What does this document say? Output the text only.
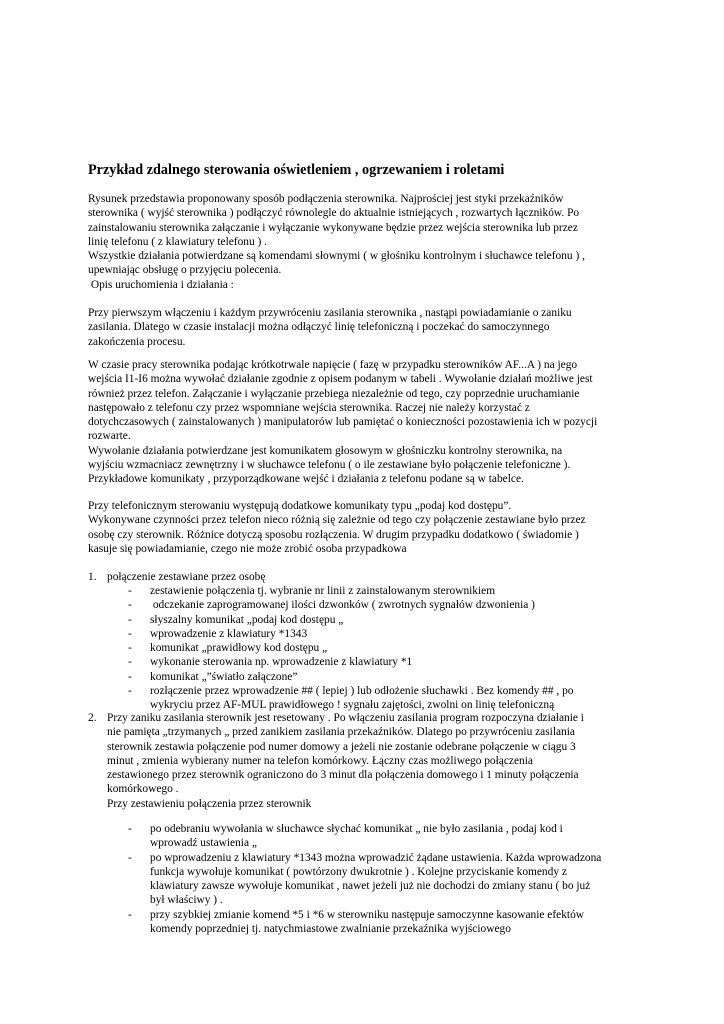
Przykład zdalnego sterowania oświetleniem , ogrzewaniem i roletami
Rysunek przedstawia proponowany sposób podłączenia sterownika. Najprościej jest styki przekaźników
sterownika ( wyjść sterownika ) podłączyć równolegle do aktualnie istniejących , rozwartych łączników. Po
zainstalowaniu sterownika załączanie i wyłączanie wykonywane będzie przez wejścia sterownika lub przez
linię telefonu ( z klawiatury telefonu ) .
Wszystkie działania potwierdzane są komendami słownymi ( w głośniku kontrolnym i słuchawce telefonu ) ,
upewniając obsługę o przyjęciu polecenia.
Opis uruchomienia i działania :
Przy pierwszym włączeniu i każdym przywróceniu zasilania sterownika , nastąpi powiadamianie o zaniku
zasilania. Dlatego w czasie instalacji można odłączyć linię telefoniczną i poczekać do samoczynnego
zakończenia procesu.
W czasie pracy sterownika podając krótkotrwale napięcie ( fazę w przypadku sterowników AF...A ) na jego
wejścia I1-I6 można wywołać działanie zgodnie z opisem podanym w tabeli . Wywołanie działań możliwe jest
również przez telefon. Załączanie i wyłączanie przebiega niezależnie od tego, czy poprzednie uruchamianie
następowało z telefonu czy przez wspomniane wejścia sterownika. Raczej nie należy korzystać z
dotychczasowych ( zainstalowanych ) manipulatorów lub pamiętać o konieczności pozostawienia ich w pozycji
rozwarte.
Wywołanie działania potwierdzane jest komunikatem głosowym w głośniczku kontrolny sterownika, na
wyjściu wzmacniacz zewnętrzny i w słuchawce telefonu ( o ile zestawiane było połączenie telefoniczne ).
Przykładowe komunikaty , przyporządkowane wejść i działania z telefonu podane są w tabelce.
Przy telefonicznym sterowaniu występują dodatkowe komunikaty typu „podaj kod dostępu”.
Wykonywane czynności przez telefon nieco różnią się zależnie od tego czy połączenie zestawiane było przez
osobę czy sterownik. Różnice dotyczą sposobu rozłączenia. W drugim przypadku dodatkowo ( świadomie )
kasuje się powiadamianie, czego nie może zrobić osoba przypadkowa
1. połączenie zestawiane przez osobę
- zestawienie połączenia tj. wybranie nr linii z zainstalowanym sterownikiem
- odczekanie zaprogramowanej ilości dzwonków ( zwrotnych sygnałów dzwonienia )
- słyszalny komunikat „podaj kod dostępu „
- wprowadzenie z klawiatury *1343
- komunikat „prawidłowy kod dostępu „
- wykonanie sterowania np. wprowadzenie z klawiatury *1
- komunikat „”światło załączone”
- rozłączenie przez wprowadzenie ## ( lepiej ) lub odłożenie słuchawki . Bez komendy ## , po
wykryciu przez AF-MUL prawidłowego ! sygnału zajętości, zwolni on linię telefoniczną
2. Przy zaniku zasilania sterownik jest resetowany . Po włączeniu zasilania program rozpoczyna działanie i
nie pamięta „trzymanych „ przed zanikiem zasilania przekaźników. Dlatego po przywróceniu zasilania
sterownik zestawia połączenie pod numer domowy a jeżeli nie zostanie odebrane połączenie w ciągu 3
minut , zmienia wybierany numer na telefon komórkowy. Łączny czas możliwego połączenia
zestawionego przez sterownik ograniczono do 3 minut dla połączenia domowego i 1 minuty połączenia
komórkowego .
Przy zestawieniu połączenia przez sterownik
- po odebraniu wywołania w słuchawce słychać komunikat „ nie było zasilania , podaj kod i
wprowadź ustawienia „
- po wprowadzeniu z klawiatury *1343 można wprowadzić żądane ustawienia. Każda wprowadzona
funkcja wywołuje komunikat ( powtórzony dwukrotnie ) . Kolejne przyciskanie komendy z
klawiatury zawsze wywołuje komunikat , nawet jeżeli już nie dochodzi do zmiany stanu ( bo już
był właściwy ) .
- przy szybkiej zmianie komend *5 i *6 w sterowniku następuje samoczynne kasowanie efektów
komendy poprzedniej tj. natychmiastowe zwalnianie przekaźnika wyjściowego
